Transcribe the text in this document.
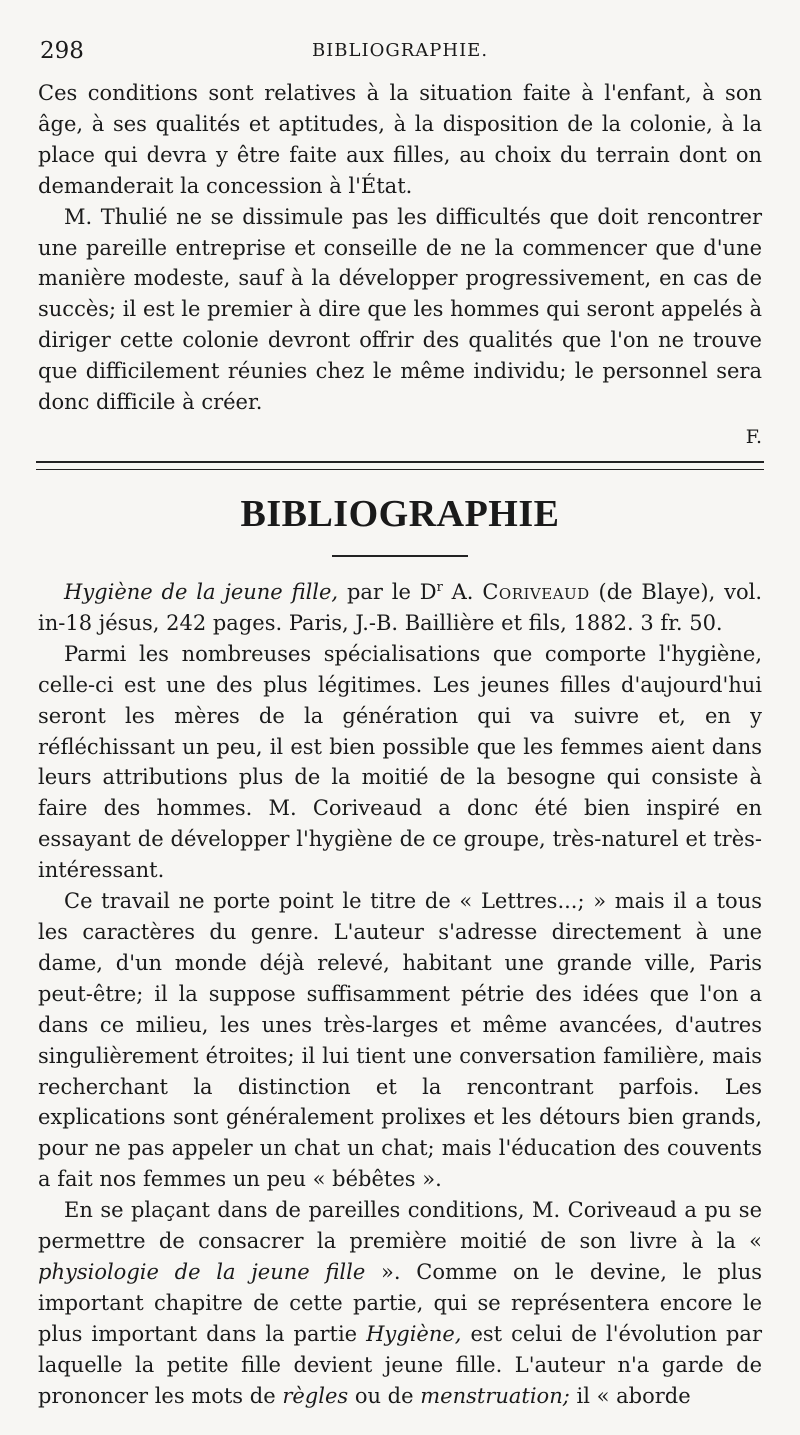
298	BIBLIOGRAPHIE.

Ces conditions sont relatives à la situation faite à l'enfant, à son âge, à ses qualités et aptitudes, à la disposition de la colonie, à la place qui devra y être faite aux filles, au choix du terrain dont on demanderait la concession à l'État.

M. Thulié ne se dissimule pas les difficultés que doit rencontrer une pareille entreprise et conseille de ne la commencer que d'une manière modeste, sauf à la développer progressivement, en cas de succès; il est le premier à dire que les hommes qui seront appelés à diriger cette colonie devront offrir des qualités que l'on ne trouve que difficilement réunies chez le même individu; le personnel sera donc difficile à créer.

F.
BIBLIOGRAPHIE

Hygiène de la jeune fille, par le $D^r$ A. Coriveaud (de Blaye), vol. in-18 jésus, 242 pages. Paris, J.-B. Baillière et fils, 1882. 3 fr. 50.

Parmi les nombreuses spécialisations que comporte l'hygiène, celle-ci est une des plus légitimes. Les jeunes filles d'aujourd'hui seront les mères de la génération qui va suivre et, en y réfléchissant un peu, il est bien possible que les femmes aient dans leurs attributions plus de la moitié de la besogne qui consiste à faire des hommes. M. Coriveaud a donc été bien inspiré en essayant de développer l'hygiène de ce groupe, très-naturel et très-intéressant.

Ce travail ne porte point le titre de « Lettres...; » mais il a tous les caractères du genre. L'auteur s'adresse directement à une dame, d'un monde déjà relevé, habitant une grande ville, Paris peut-être; il la suppose suffisamment pétrie des idées que l'on a dans ce milieu, les unes très-larges et même avancées, d'autres singulièrement étroites; il lui tient une conversation familière, mais recherchant la distinction et la rencontrant parfois. Les explications sont généralement prolixes et les détours bien grands, pour ne pas appeler un chat un chat; mais l'éducation des couvents a fait nos femmes un peu « bébêtes ».

En se plaçant dans de pareilles conditions, M. Coriveaud a pu se permettre de consacrer la première moitié de son livre à la « physiologie de la jeune fille ». Comme on le devine, le plus important chapitre de cette partie, qui se représentera encore le plus important dans la partie Hygiène, est celui de l'évolution par laquelle la petite fille devient jeune fille. L'auteur n'a garde de prononcer les mots de règles ou de menstruation; il « aborde
